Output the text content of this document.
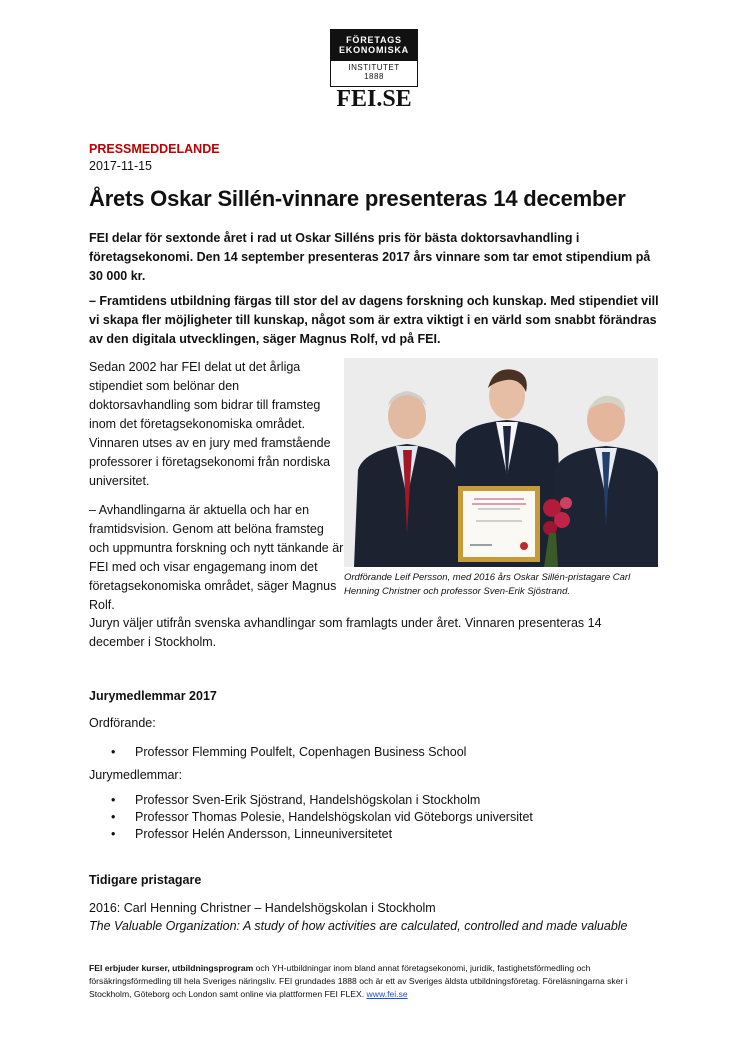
FÖRETAGS
EKONOMISKA
INSTITUTET
1888
FEI.SE
PRESSMEDDELANDE
2017-11-15
Årets Oskar Sillén-vinnare presenteras 14 december

FEI delar för sextonde året i rad ut Oskar Silléns pris för bästa doktorsavhandling i företagsekonomi. Den 14 september presenteras 2017 års vinnare som tar emot stipendium på 30 000 kr.

– Framtidens utbildning färgas till stor del av dagens forskning och kunskap. Med stipendiet vill vi skapa fler möjligheter till kunskap, något som är extra viktigt i en värld som snabbt förändras av den digitala utvecklingen, säger Magnus Rolf, vd på FEI.

Sedan 2002 har FEI delat ut det årliga stipendiet som belönar den doktorsavhandling som bidrar till framsteg inom det företagsekonomiska området. Vinnaren utses av en jury med framstående professorer i företagsekonomi från nordiska universitet.

– Avhandlingarna är aktuella och har en framtidsvision. Genom att belöna framsteg och uppmuntra forskning och nytt tänkande är FEI med och visar engagemang inom det företagsekonomiska området, säger Magnus Rolf.

Ordförande Leif Persson, med 2016 års Oskar Sillén-pristagare Carl Henning Christner och professor Sven-Erik Sjöstrand.

Juryn väljer utifrån svenska avhandlingar som framlagts under året. Vinnaren presenteras 14 december i Stockholm.

Jurymedlemmar 2017

Ordförande:

• Professor Flemming Poulfelt, Copenhagen Business School

Jurymedlemmar:

• Professor Sven-Erik Sjöstrand, Handelshögskolan i Stockholm
• Professor Thomas Polesie, Handelshögskolan vid Göteborgs universitet
• Professor Helén Andersson, Linneuniversitetet

Tidigare pristagare

2016: Carl Henning Christner – Handelshögskolan i Stockholm

The Valuable Organization: A study of how activities are calculated, controlled and made valuable

FEI erbjuder kurser, utbildningsprogram och YH-utbildningar inom bland annat företagsekonomi, juridik, fastighetsförmedling och försäkringsförmedling till hela Sveriges näringsliv. FEI grundades 1888 och är ett av Sveriges äldsta utbildningsföretag. Föreläsningarna sker i Stockholm, Göteborg och London samt online via plattformen FEI FLEX. www.fei.se
